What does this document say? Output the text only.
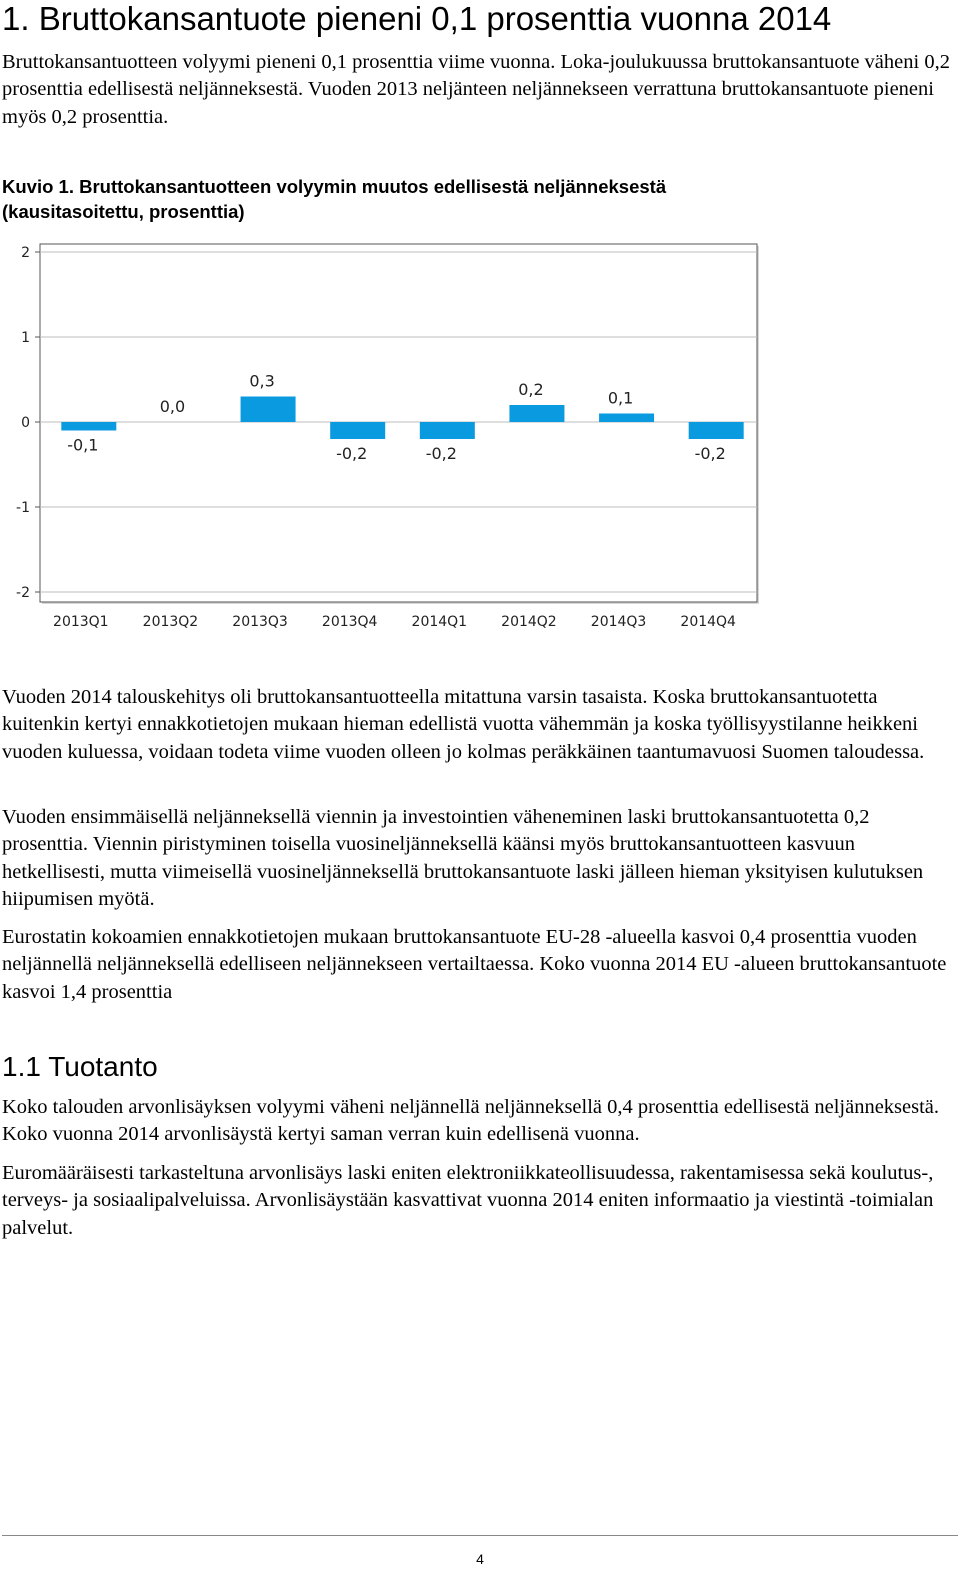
1. Bruttokansantuote pieneni 0,1 prosenttia vuonna 2014

Bruttokansantuotteen volyymi pieneni 0,1 prosenttia viime vuonna. Loka-joulukuussa bruttokansantuote väheni 0,2 prosenttia edellisestä neljänneksestä. Vuoden 2013 neljänteen neljännekseen verrattuna bruttokansantuote pieneni myös 0,2 prosenttia.

Kuvio 1. Bruttokansantuotteen volyymin muutos edellisestä neljänneksestä (kausitasoitettu, prosenttia)

2
1
0
-1
-2
-0,1
2013Q1
0,0
2013Q2
0,3
2013Q3
-0,2
2013Q4
-0,2
2014Q1
0,2
2014Q2
0,1
2014Q3
-0,2
2014Q4

Vuoden 2014 talouskehitys oli bruttokansantuotteella mitattuna varsin tasaista. Koska bruttokansantuotetta kuitenkin kertyi ennakkotietojen mukaan hieman edellistä vuotta vähemmän ja koska työllisyystilanne heikkeni vuoden kuluessa, voidaan todeta viime vuoden olleen jo kolmas peräkkäinen taantumavuosi Suomen taloudessa.

Vuoden ensimmäisellä neljänneksellä viennin ja investointien väheneminen laski bruttokansantuotetta 0,2 prosenttia. Viennin piristyminen toisella vuosineljänneksellä käänsi myös bruttokansantuotteen kasvuun hetkellisesti, mutta viimeisellä vuosineljänneksellä bruttokansantuote laski jälleen hieman yksityisen kulutuksen hiipumisen myötä.

Eurostatin kokoamien ennakkotietojen mukaan bruttokansantuote EU-28 -alueella kasvoi 0,4 prosenttia vuoden neljännellä neljänneksellä edelliseen neljännekseen vertailtaessa. Koko vuonna 2014 EU -alueen bruttokansantuote kasvoi 1,4 prosenttia

1.1 Tuotanto

Koko talouden arvonlisäyksen volyymi väheni neljännellä neljänneksellä 0,4 prosenttia edellisestä neljänneksestä. Koko vuonna 2014 arvonlisäystä kertyi saman verran kuin edellisenä vuonna.

Euromääräisesti tarkasteltuna arvonlisäys laski eniten elektroniikkateollisuudessa, rakentamisessa sekä koulutus-, terveys- ja sosiaalipalveluissa. Arvonlisäystään kasvattivat vuonna 2014 eniten informaatio ja viestintä -toimialan palvelut.

4
